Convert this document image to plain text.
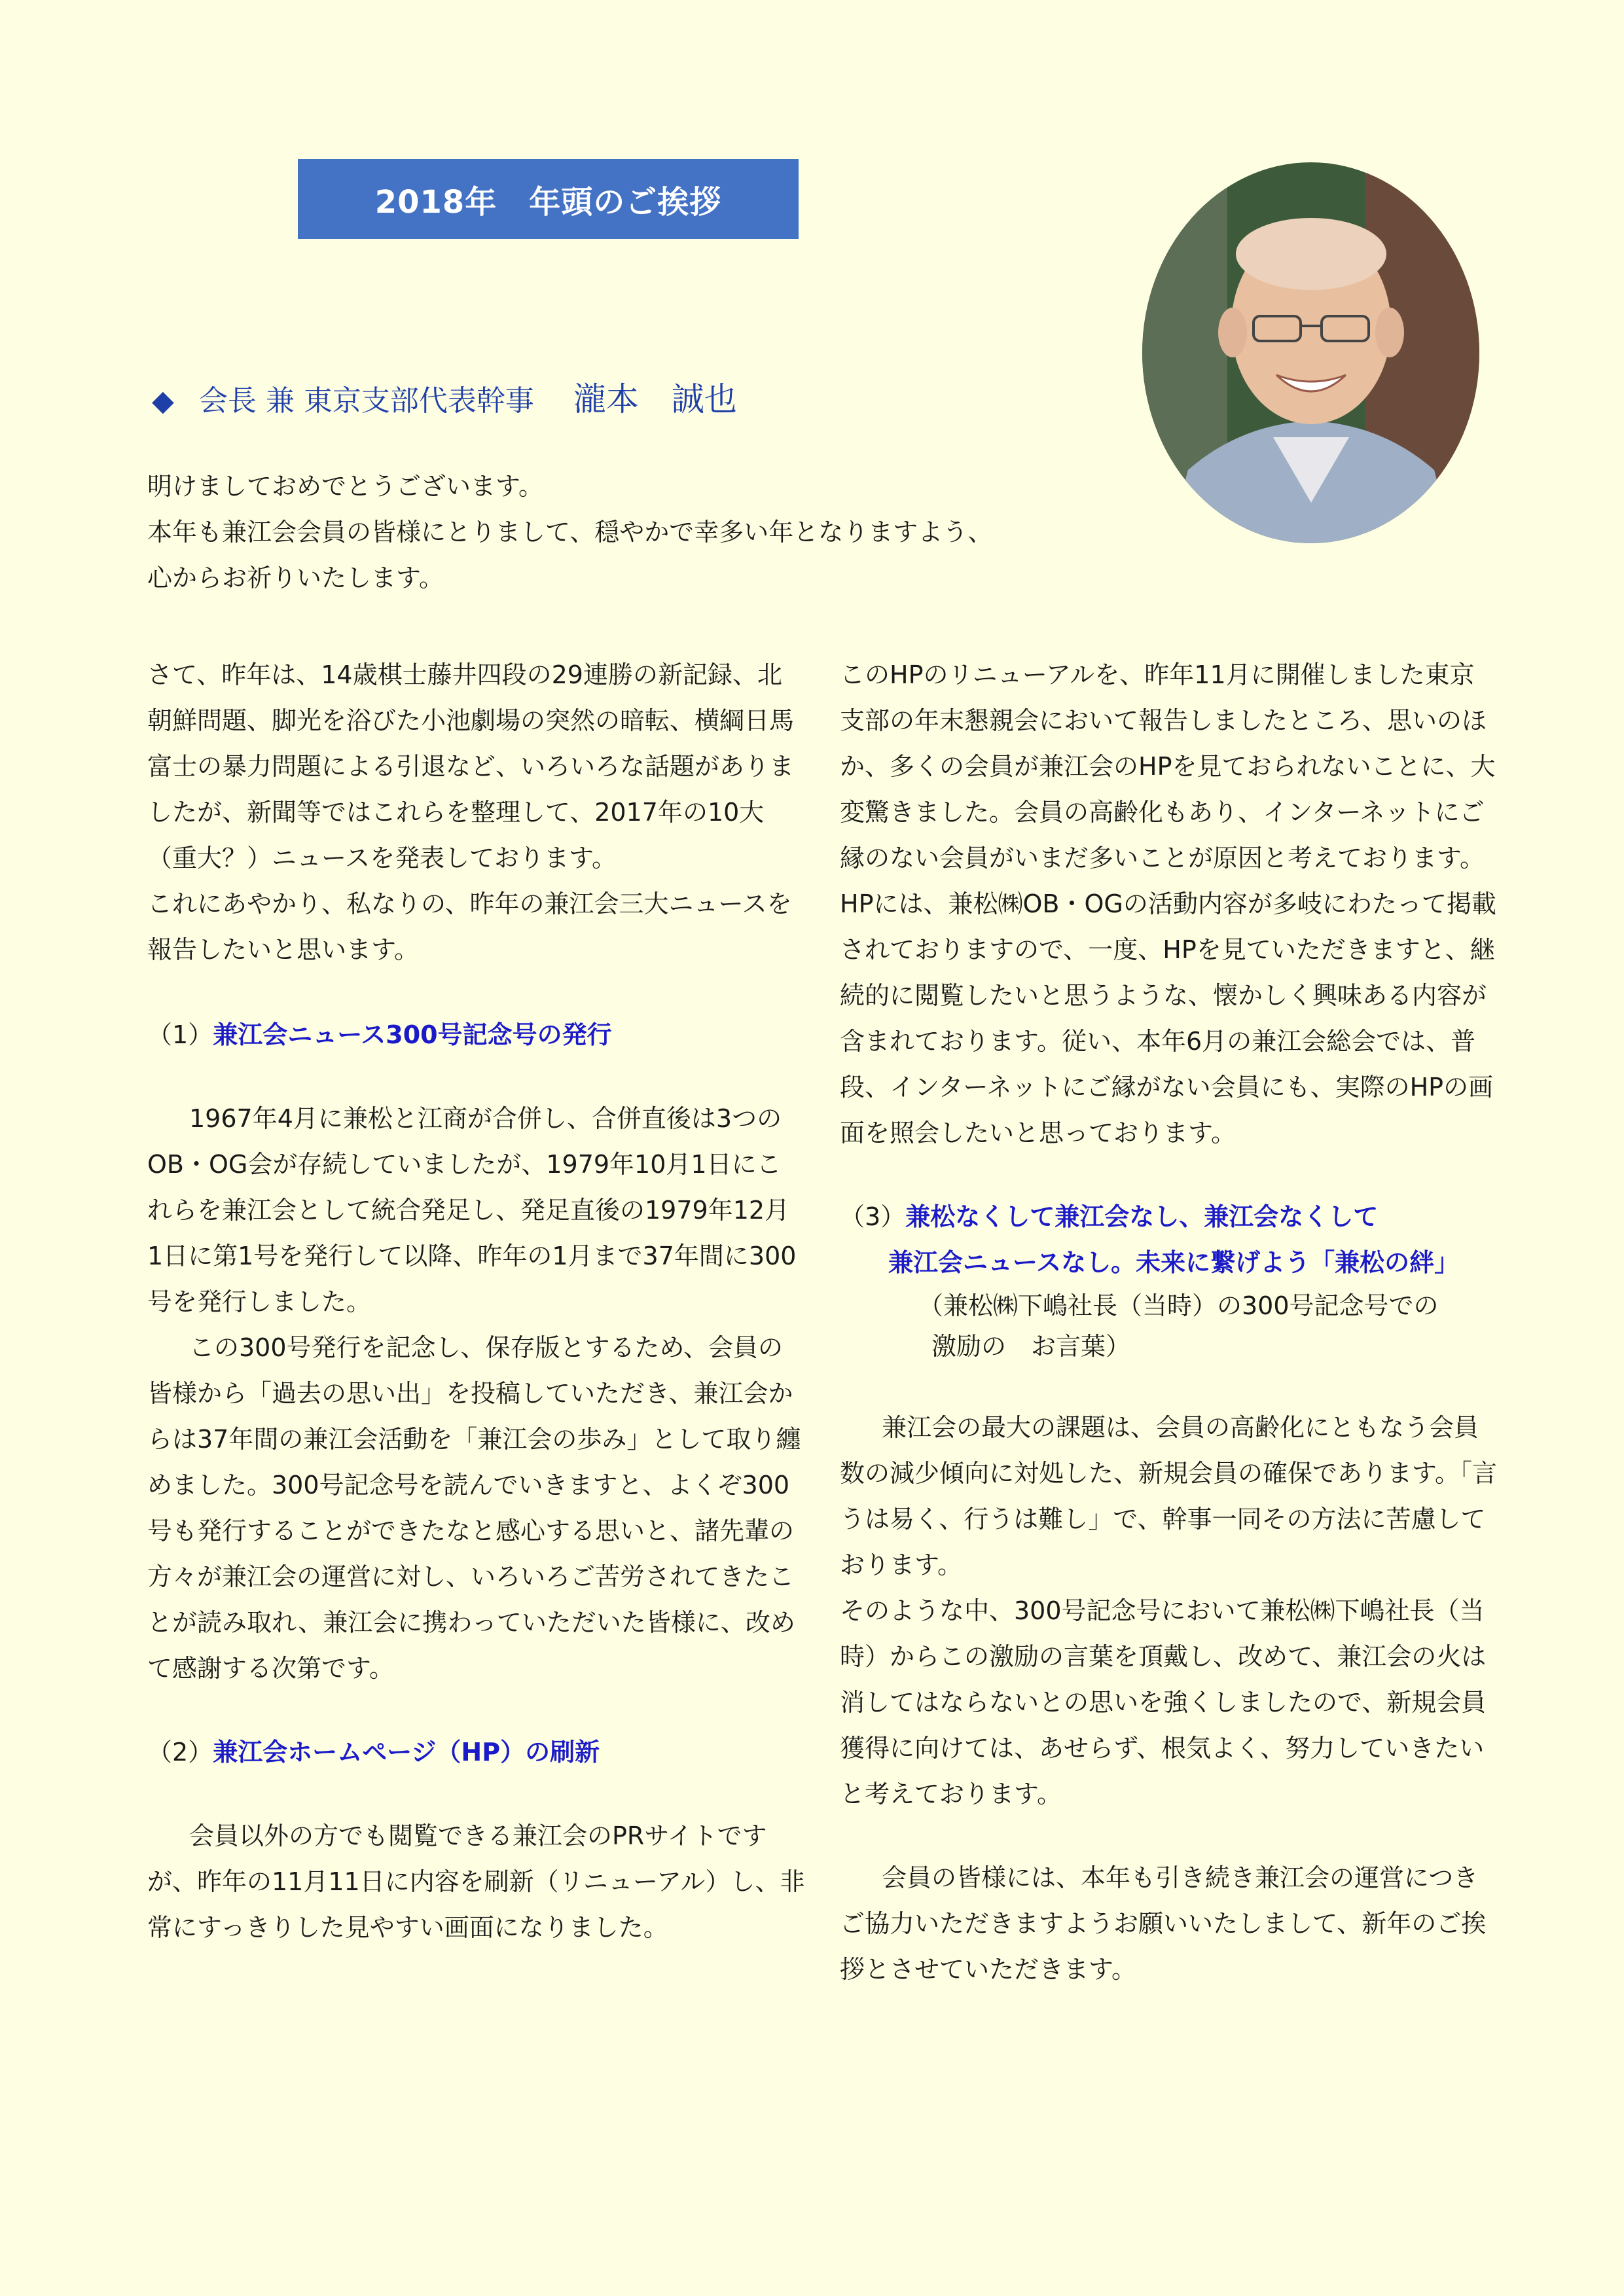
2018年　年頭のご挨拶
◆ 会長 兼 東京支部代表幹事 瀧本　誠也
明けましておめでとうございます。
本年も兼江会会員の皆様にとりまして、穏やかで幸多い年となりますよう、
心からお祈りいたします。

さて、昨年は、14歳棋士藤井四段の29連勝の新記録、北朝鮮問題、脚光を浴びた小池劇場の突然の暗転、横綱日馬富士の暴力問題による引退など、いろいろな話題がありましたが、新聞等ではこれらを整理して、2017年の10大（重大？）ニュースを発表しております。

これにあやかり、私なりの、昨年の兼江会三大ニュースを報告したいと思います。

（1）兼江会ニュース300号記念号の発行

1967年4月に兼松と江商が合併し、合併直後は3つのOB・OG会が存続していましたが、1979年10月1日にこれらを兼江会として統合発足し、発足直後の1979年12月1日に第1号を発行して以降、昨年の1月まで37年間に300号を発行しました。

この300号発行を記念し、保存版とするため、会員の皆様から「過去の思い出」を投稿していただき、兼江会からは37年間の兼江会活動を「兼江会の歩み」として取り纏めました。300号記念号を読んでいきますと、よくぞ300号も発行することができたなと感心する思いと、諸先輩の方々が兼江会の運営に対し、いろいろご苦労されてきたことが読み取れ、兼江会に携わっていただいた皆様に、改めて感謝する次第です。

（2）兼江会ホームページ（HP）の刷新

会員以外の方でも閲覧できる兼江会のPRサイトですが、昨年の11月11日に内容を刷新（リニューアル）し、非常にすっきりした見やすい画面になりました。

このHPのリニューアルを、昨年11月に開催しました東京支部の年末懇親会において報告しましたところ、思いのほか、多くの会員が兼江会のHPを見ておられないことに、大変驚きました。会員の高齢化もあり、インターネットにご縁のない会員がいまだ多いことが原因と考えております。

HPには、兼松㈱OB・OGの活動内容が多岐にわたって掲載されておりますので、一度、HPを見ていただきますと、継続的に閲覧したいと思うような、懐かしく興味ある内容が含まれております。従い、本年6月の兼江会総会では、普段、インターネットにご縁がない会員にも、実際のHPの画面を照会したいと思っております。

（3）兼松なくして兼江会なし、兼江会なくして

兼江会ニュースなし。未来に繋げよう「兼松の絆」

（兼松㈱下嶋社長（当時）の300号記念号での
激励の　お言葉）

兼江会の最大の課題は、会員の高齢化にともなう会員数の減少傾向に対処した、新規会員の確保であります。「言うは易く、行うは難し」で、幹事一同その方法に苦慮しております。

そのような中、300号記念号において兼松㈱下嶋社長（当時）からこの激励の言葉を頂戴し、改めて、兼江会の火は消してはならないとの思いを強くしましたので、新規会員獲得に向けては、あせらず、根気よく、努力していきたいと考えております。

会員の皆様には、本年も引き続き兼江会の運営につきご協力いただきますようお願いいたしまして、新年のご挨拶とさせていただきます。
